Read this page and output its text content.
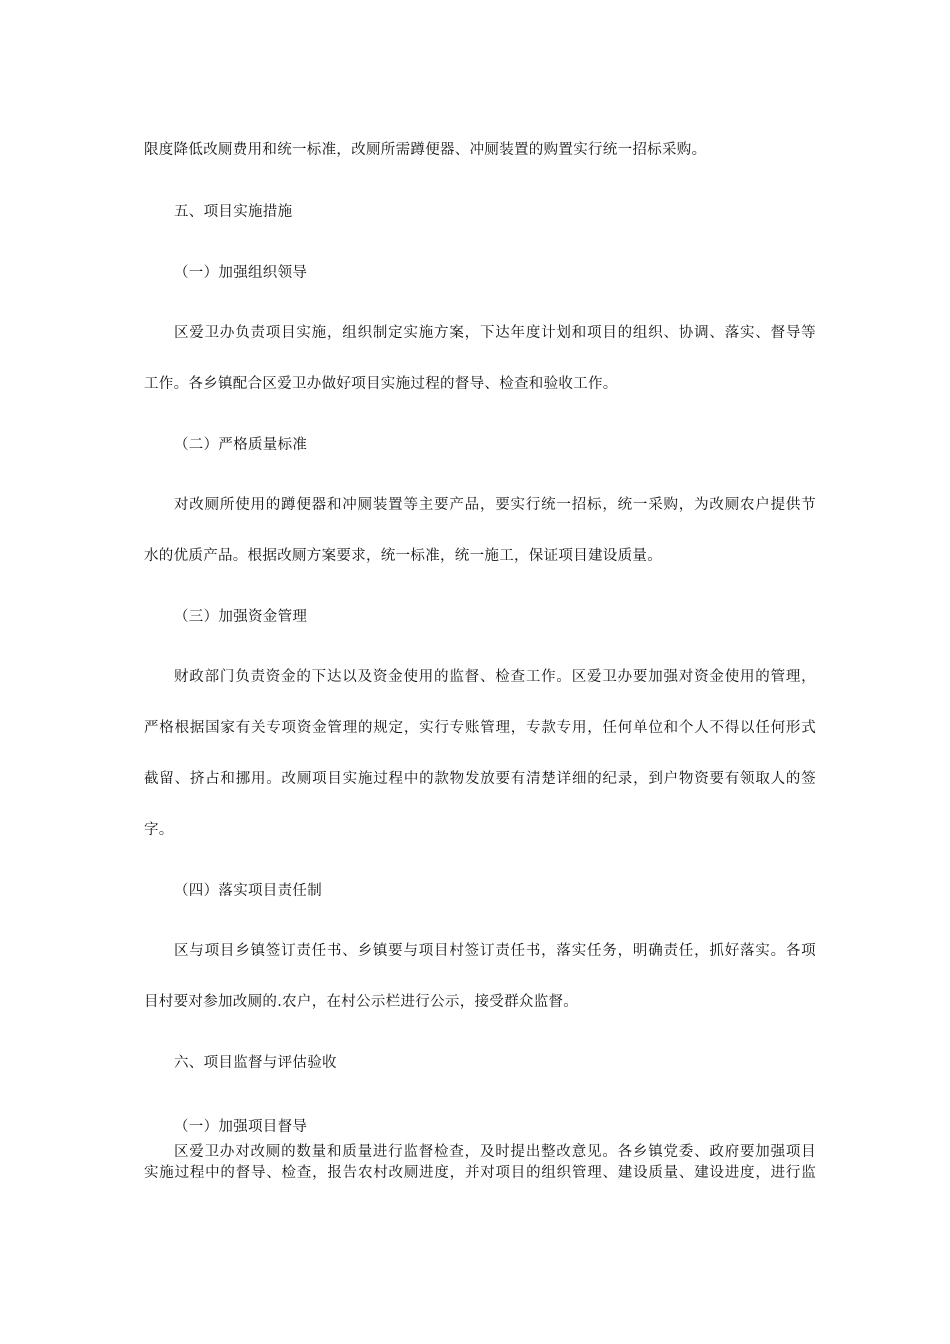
限度降低改厕费用和统一标准，改厕所需蹲便器、冲厕装置的购置实行统一招标采购。
五、项目实施措施
（一）加强组织领导
区爱卫办负责项目实施，组织制定实施方案，下达年度计划和项目的组织、协调、落实、督导等
工作。各乡镇配合区爱卫办做好项目实施过程的督导、检查和验收工作。
（二）严格质量标准
对改厕所使用的蹲便器和冲厕装置等主要产品，要实行统一招标，统一采购，为改厕农户提供节
水的优质产品。根据改厕方案要求，统一标准，统一施工，保证项目建设质量。
（三）加强资金管理
财政部门负责资金的下达以及资金使用的监督、检查工作。区爱卫办要加强对资金使用的管理，
严格根据国家有关专项资金管理的规定，实行专账管理，专款专用，任何单位和个人不得以任何形式
截留、挤占和挪用。改厕项目实施过程中的款物发放要有清楚详细的纪录，到户物资要有领取人的签
字。
（四）落实项目责任制
区与项目乡镇签订责任书、乡镇要与项目村签订责任书，落实任务，明确责任，抓好落实。各项
目村要对参加改厕的.农户，在村公示栏进行公示，接受群众监督。
六、项目监督与评估验收
（一）加强项目督导
区爱卫办对改厕的数量和质量进行监督检查，及时提出整改意见。各乡镇党委、政府要加强项目
实施过程中的督导、检查，报告农村改厕进度，并对项目的组织管理、建设质量、建设进度，进行监
